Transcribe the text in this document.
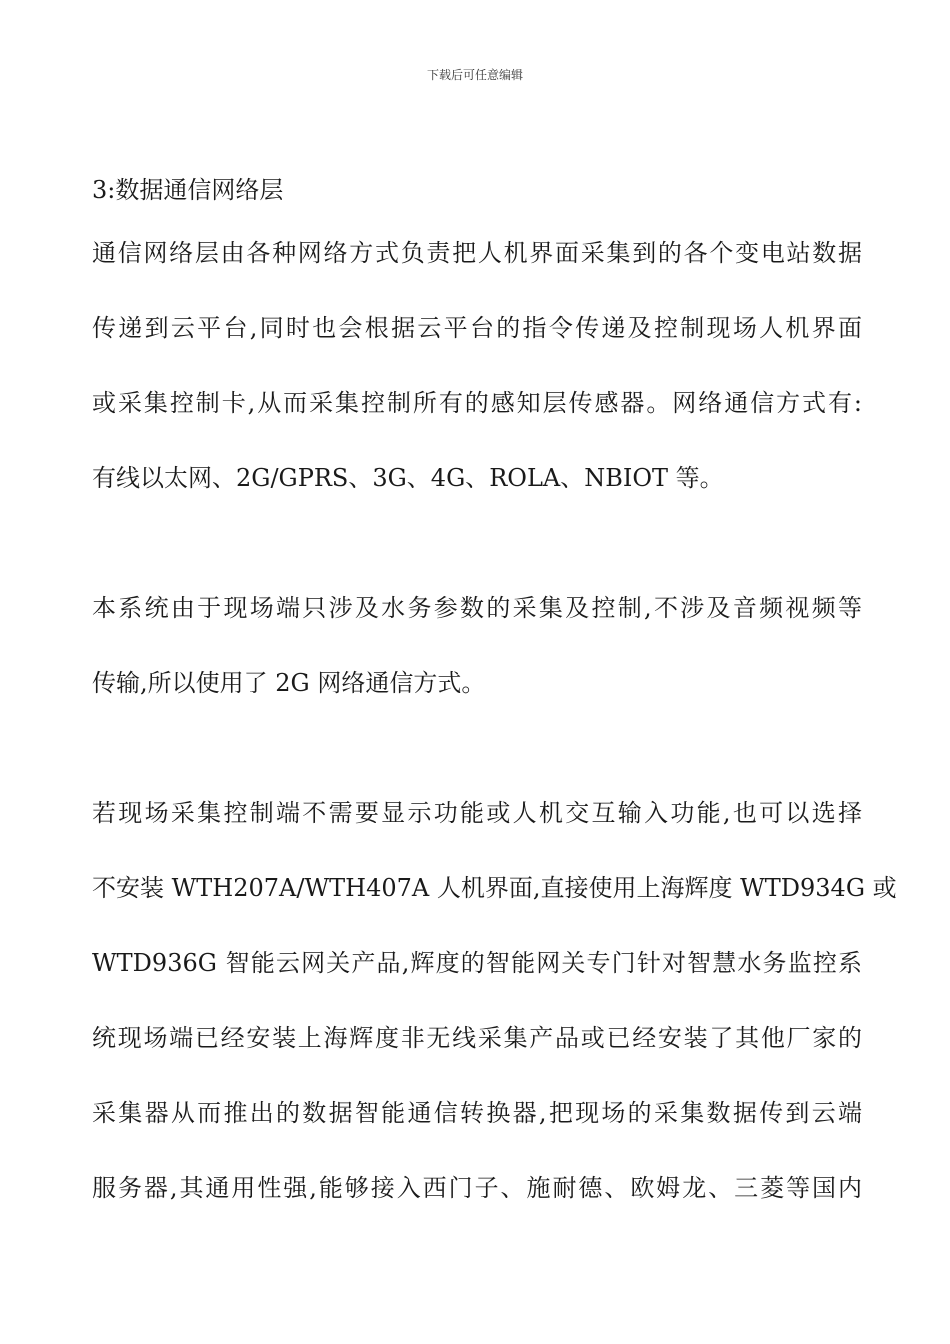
下载后可任意编辑
3:数据通信网络层
通信网络层由各种网络方式负责把人机界面采集到的各个变电站数据
传递到云平台,同时也会根据云平台的指令传递及控制现场人机界面
或采集控制卡,从而采集控制所有的感知层传感器。网络通信方式有:
有线以太网、2G/GPRS、3G、4G、ROLA、NBIOT 等。
本系统由于现场端只涉及水务参数的采集及控制,不涉及音频视频等
传输,所以使用了 2G 网络通信方式。
若现场采集控制端不需要显示功能或人机交互输入功能,也可以选择
不安装 WTH207A/WTH407A 人机界面,直接使用上海辉度 WTD934G 或
WTD936G 智能云网关产品,辉度的智能网关专门针对智慧水务监控系
统现场端已经安装上海辉度非无线采集产品或已经安装了其他厂家的
采集器从而推出的数据智能通信转换器,把现场的采集数据传到云端
服务器,其通用性强,能够接入西门子、施耐德、欧姆龙、三菱等国内
